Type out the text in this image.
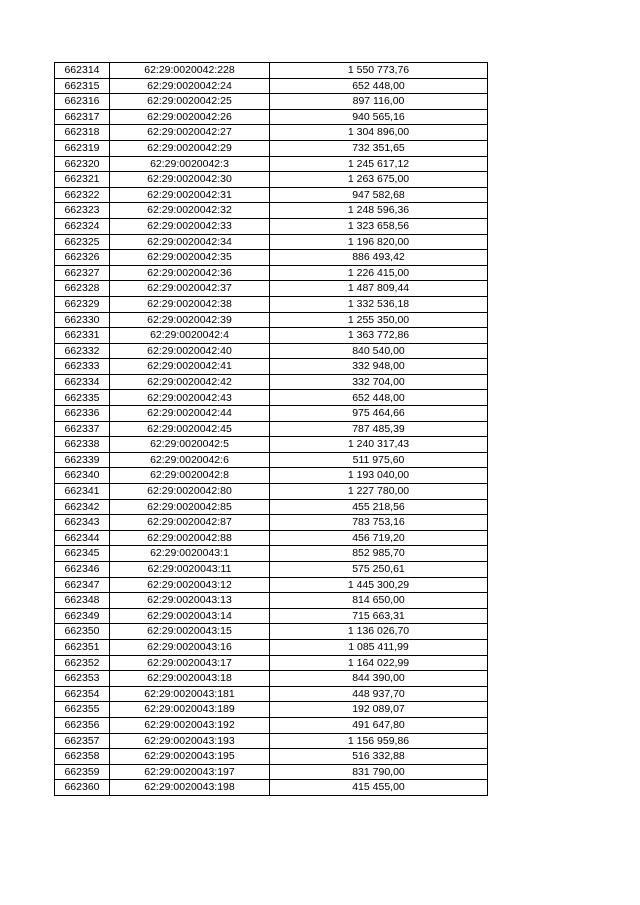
662314	62:29:0020042:228	1 550 773,76
662315	62:29:0020042:24	652 448,00
662316	62:29:0020042:25	897 116,00
662317	62:29:0020042:26	940 565,16
662318	62:29:0020042:27	1 304 896,00
662319	62:29:0020042:29	732 351,65
662320	62:29:0020042:3	1 245 617,12
662321	62:29:0020042:30	1 263 675,00
662322	62:29:0020042:31	947 582,68
662323	62:29:0020042:32	1 248 596,36
662324	62:29:0020042:33	1 323 658,56
662325	62:29:0020042:34	1 196 820,00
662326	62:29:0020042:35	886 493,42
662327	62:29:0020042:36	1 226 415,00
662328	62:29:0020042:37	1 487 809,44
662329	62:29:0020042:38	1 332 536,18
662330	62:29:0020042:39	1 255 350,00
662331	62:29:0020042:4	1 363 772,86
662332	62:29:0020042:40	840 540,00
662333	62:29:0020042:41	332 948,00
662334	62:29:0020042:42	332 704,00
662335	62:29:0020042:43	652 448,00
662336	62:29:0020042:44	975 464,66
662337	62:29:0020042:45	787 485,39
662338	62:29:0020042:5	1 240 317,43
662339	62:29:0020042:6	511 975,60
662340	62:29:0020042:8	1 193 040,00
662341	62:29:0020042:80	1 227 780,00
662342	62:29:0020042:85	455 218,56
662343	62:29:0020042:87	783 753,16
662344	62:29:0020042:88	456 719,20
662345	62:29:0020043:1	852 985,70
662346	62:29:0020043:11	575 250,61
662347	62:29:0020043:12	1 445 300,29
662348	62:29:0020043:13	814 650,00
662349	62:29:0020043:14	715 663,31
662350	62:29:0020043:15	1 136 026,70
662351	62:29:0020043:16	1 085 411,99
662352	62:29:0020043:17	1 164 022,99
662353	62:29:0020043:18	844 390,00
662354	62:29:0020043:181	448 937,70
662355	62:29:0020043:189	192 089,07
662356	62:29:0020043:192	491 647,80
662357	62:29:0020043:193	1 156 959,86
662358	62:29:0020043:195	516 332,88
662359	62:29:0020043:197	831 790,00
662360	62:29:0020043:198	415 455,00
